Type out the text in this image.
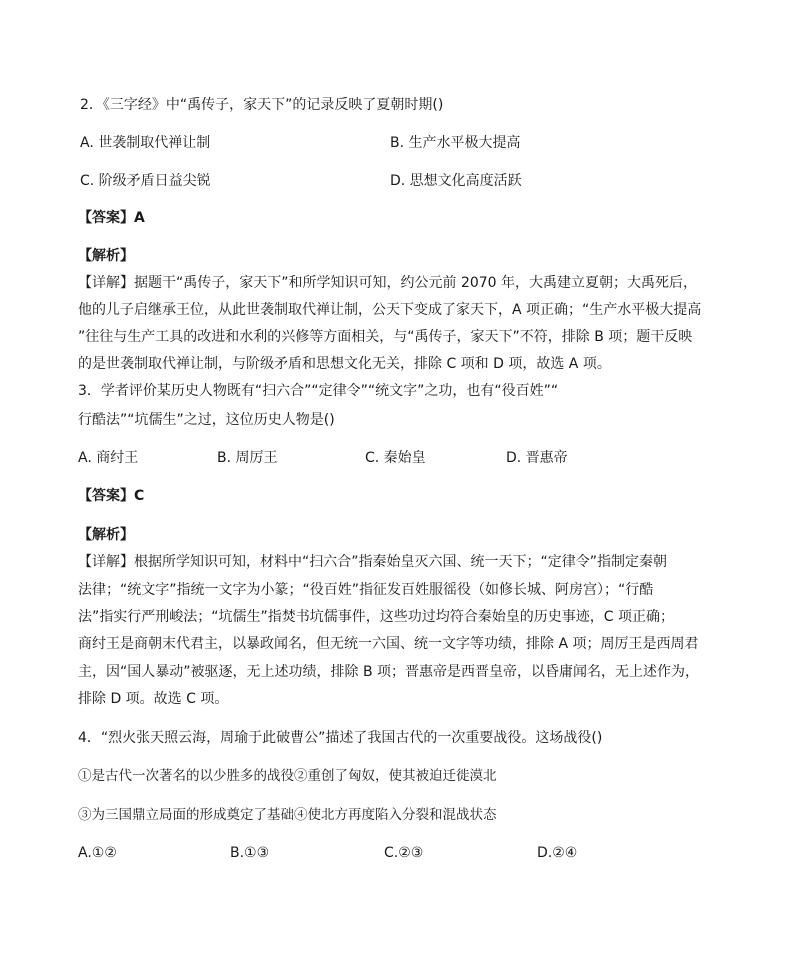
2．《三字经》中“禹传子，家天下”的记录反映了夏朝时期()
A. 世袭制取代禅让制	B. 生产水平极大提高
C. 阶级矛盾日益尖锐	D. 思想文化高度活跃
【答案】A
【解析】
【详解】据题干“禹传子，家天下”和所学知识可知，约公元前 2070 年，大禹建立夏朝；大禹死后，
他的儿子启继承王位，从此世袭制取代禅让制，公天下变成了家天下，A 项正确；“生产水平极大提高
”往往与生产工具的改进和水利的兴修等方面相关，与“禹传子，家天下”不符，排除 B 项；题干反映
的是世袭制取代禅让制，与阶级矛盾和思想文化无关，排除 C 项和 D 项，故选 A 项。
3．学者评价某历史人物既有“扫六合”“定律令”“统文字”之功，也有“役百姓”“
行酷法”“坑儒生”之过，这位历史人物是()
A. 商纣王	B. 周厉王	C. 秦始皇	D. 晋惠帝
【答案】C
【解析】
【详解】根据所学知识可知，材料中“扫六合”指秦始皇灭六国、统一天下；“定律令”指制定秦朝
法律；“统文字”指统一文字为小篆；“役百姓”指征发百姓服徭役（如修长城、阿房宫）；“行酷
法”指实行严刑峻法；“坑儒生”指焚书坑儒事件，这些功过均符合秦始皇的历史事迹，C 项正确；
商纣王是商朝末代君主，以暴政闻名，但无统一六国、统一文字等功绩，排除 A 项；周厉王是西周君
主，因“国人暴动”被驱逐，无上述功绩，排除 B 项；晋惠帝是西晋皇帝，以昏庸闻名，无上述作为，
排除 D 项。故选 C 项。
4．“烈火张天照云海，周瑜于此破曹公”描述了我国古代的一次重要战役。这场战役()
①是古代一次著名的以少胜多的战役②重创了匈奴，使其被迫迁徙漠北
③为三国鼎立局面的形成奠定了基础④使北方再度陷入分裂和混战状态
A.①②	B.①③	C.②③	D.②④
